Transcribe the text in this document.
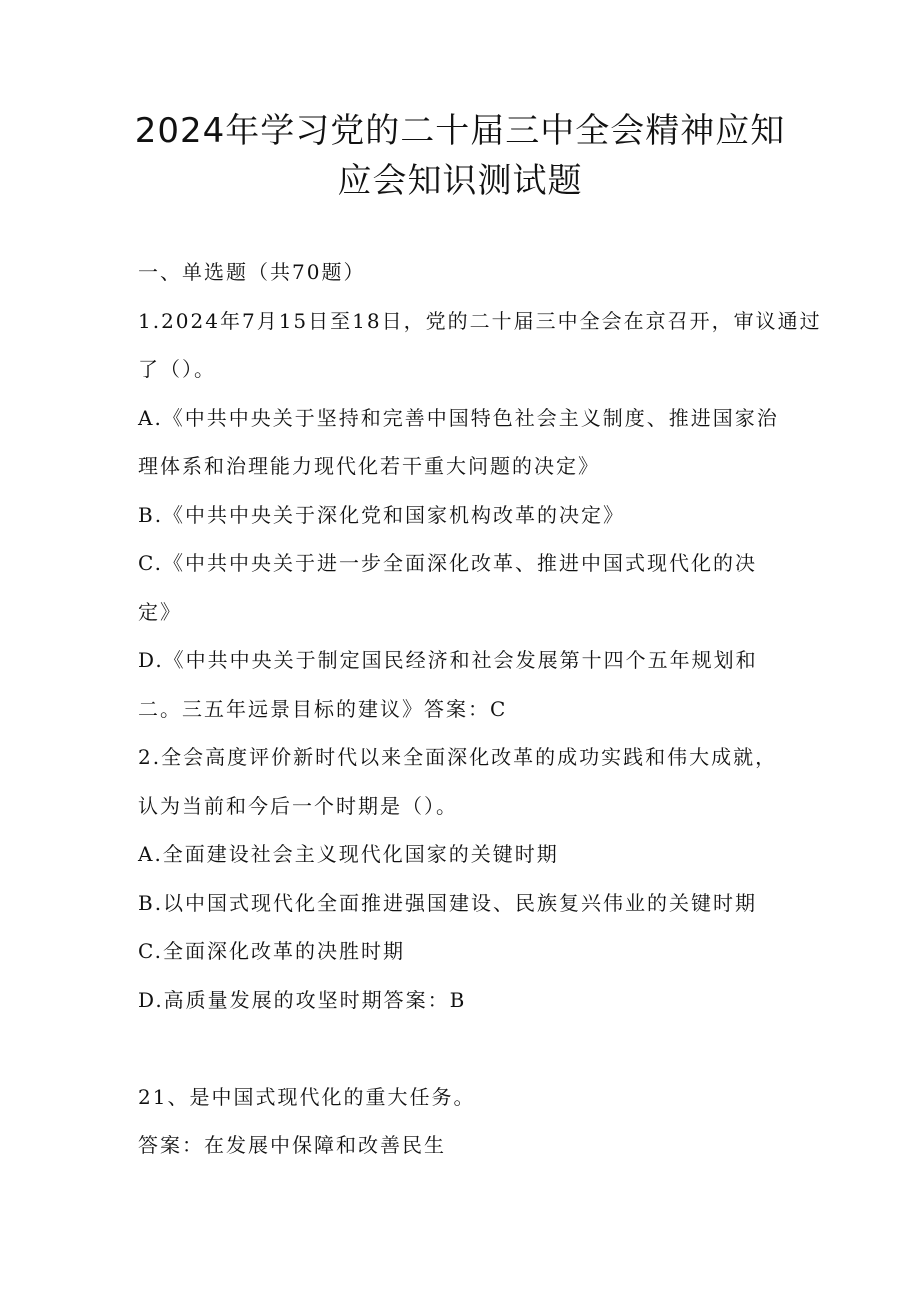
2024年学习党的二十届三中全会精神应知
应会知识测试题
一、单选题（共70题）
1.2024年7月15日至18日，党的二十届三中全会在京召开，审议通过
了（）。
A.《中共中央关于坚持和完善中国特色社会主义制度、推进国家治
理体系和治理能力现代化若干重大问题的决定》
B.《中共中央关于深化党和国家机构改革的决定》
C.《中共中央关于进一步全面深化改革、推进中国式现代化的决
定》
D.《中共中央关于制定国民经济和社会发展第十四个五年规划和
二。三五年远景目标的建议》答案：C
2.全会高度评价新时代以来全面深化改革的成功实践和伟大成就，
认为当前和今后一个时期是（）。
A.全面建设社会主义现代化国家的关键时期
B.以中国式现代化全面推进强国建设、民族复兴伟业的关键时期
C.全面深化改革的决胜时期
D.高质量发展的攻坚时期答案：B
21、是中国式现代化的重大任务。
答案：在发展中保障和改善民生
